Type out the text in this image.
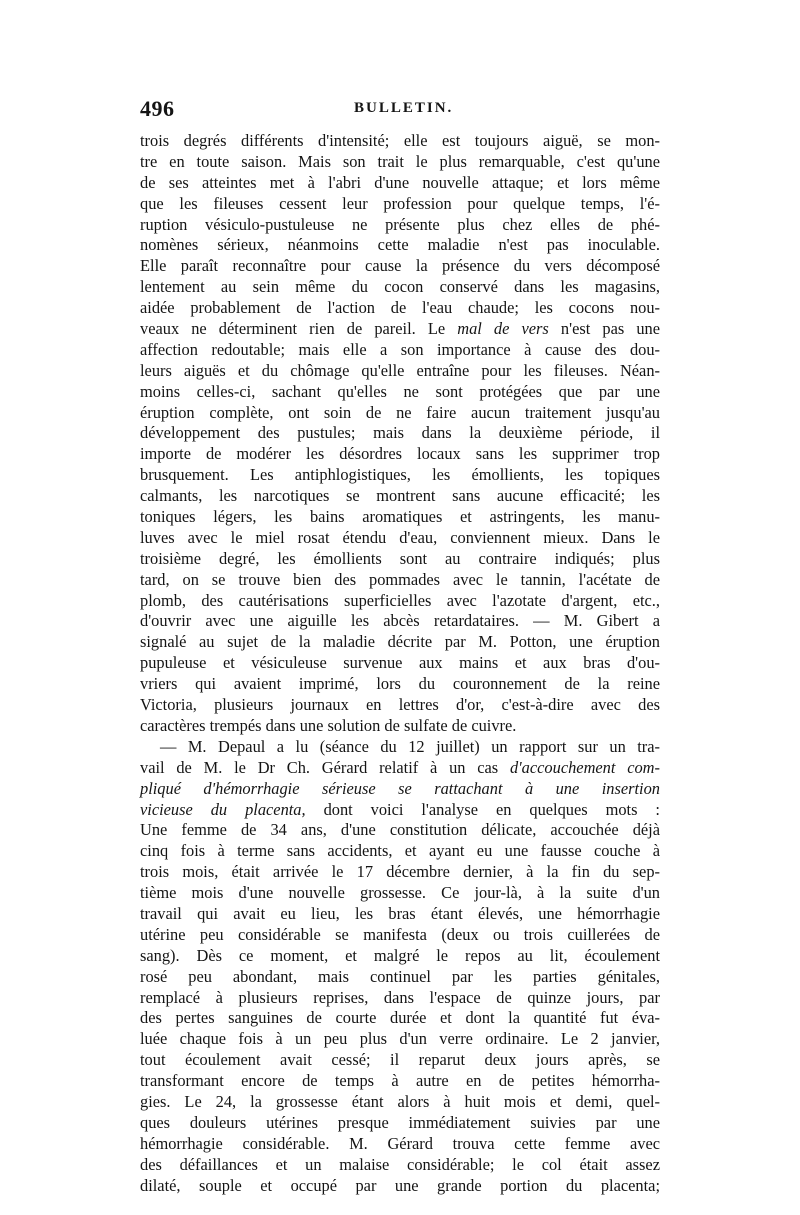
496	BULLETIN.
trois degrés différents d'intensité; elle est toujours aiguë, se mon-
tre en toute saison. Mais son trait le plus remarquable, c'est qu'une
de ses atteintes met à l'abri d'une nouvelle attaque; et lors même
que les fileuses cessent leur profession pour quelque temps, l'é-
ruption vésiculo-pustuleuse ne présente plus chez elles de phé-
nomènes sérieux, néanmoins cette maladie n'est pas inoculable.
Elle paraît reconnaître pour cause la présence du vers décomposé
lentement au sein même du cocon conservé dans les magasins,
aidée probablement de l'action de l'eau chaude; les cocons nou-
veaux ne déterminent rien de pareil. Le mal de vers n'est pas une
affection redoutable; mais elle a son importance à cause des dou-
leurs aiguës et du chômage qu'elle entraîne pour les fileuses. Néan-
moins celles-ci, sachant qu'elles ne sont protégées que par une
éruption complète, ont soin de ne faire aucun traitement jusqu'au
développement des pustules; mais dans la deuxième période, il
importe de modérer les désordres locaux sans les supprimer trop
brusquement. Les antiphlogistiques, les émollients, les topiques
calmants, les narcotiques se montrent sans aucune efficacité; les
toniques légers, les bains aromatiques et astringents, les manu-
luves avec le miel rosat étendu d'eau, conviennent mieux. Dans le
troisième degré, les émollients sont au contraire indiqués; plus
tard, on se trouve bien des pommades avec le tannin, l'acétate de
plomb, des cautérisations superficielles avec l'azotate d'argent, etc.,
d'ouvrir avec une aiguille les abcès retardataires. — M. Gibert a
signalé au sujet de la maladie décrite par M. Potton, une éruption
pupuleuse et vésiculeuse survenue aux mains et aux bras d'ou-
vriers qui avaient imprimé, lors du couronnement de la reine
Victoria, plusieurs journaux en lettres d'or, c'est-à-dire avec des
caractères trempés dans une solution de sulfate de cuivre.
— M. Depaul a lu (séance du 12 juillet) un rapport sur un tra-
vail de M. le Dr Ch. Gérard relatif à un cas d'accouchement com-
pliqué d'hémorrhagie sérieuse se rattachant à une insertion
vicieuse du placenta, dont voici l'analyse en quelques mots :
Une femme de 34 ans, d'une constitution délicate, accouchée déjà
cinq fois à terme sans accidents, et ayant eu une fausse couche à
trois mois, était arrivée le 17 décembre dernier, à la fin du sep-
tième mois d'une nouvelle grossesse. Ce jour-là, à la suite d'un
travail qui avait eu lieu, les bras étant élevés, une hémorrhagie
utérine peu considérable se manifesta (deux ou trois cuillerées de
sang). Dès ce moment, et malgré le repos au lit, écoulement
rosé peu abondant, mais continuel par les parties génitales,
remplacé à plusieurs reprises, dans l'espace de quinze jours, par
des pertes sanguines de courte durée et dont la quantité fut éva-
luée chaque fois à un peu plus d'un verre ordinaire. Le 2 janvier,
tout écoulement avait cessé; il reparut deux jours après, se
transformant encore de temps à autre en de petites hémorrha-
gies. Le 24, la grossesse étant alors à huit mois et demi, quel-
ques douleurs utérines presque immédiatement suivies par une
hémorrhagie considérable. M. Gérard trouva cette femme avec
des défaillances et un malaise considérable; le col était assez
dilaté, souple et occupé par une grande portion du placenta;
